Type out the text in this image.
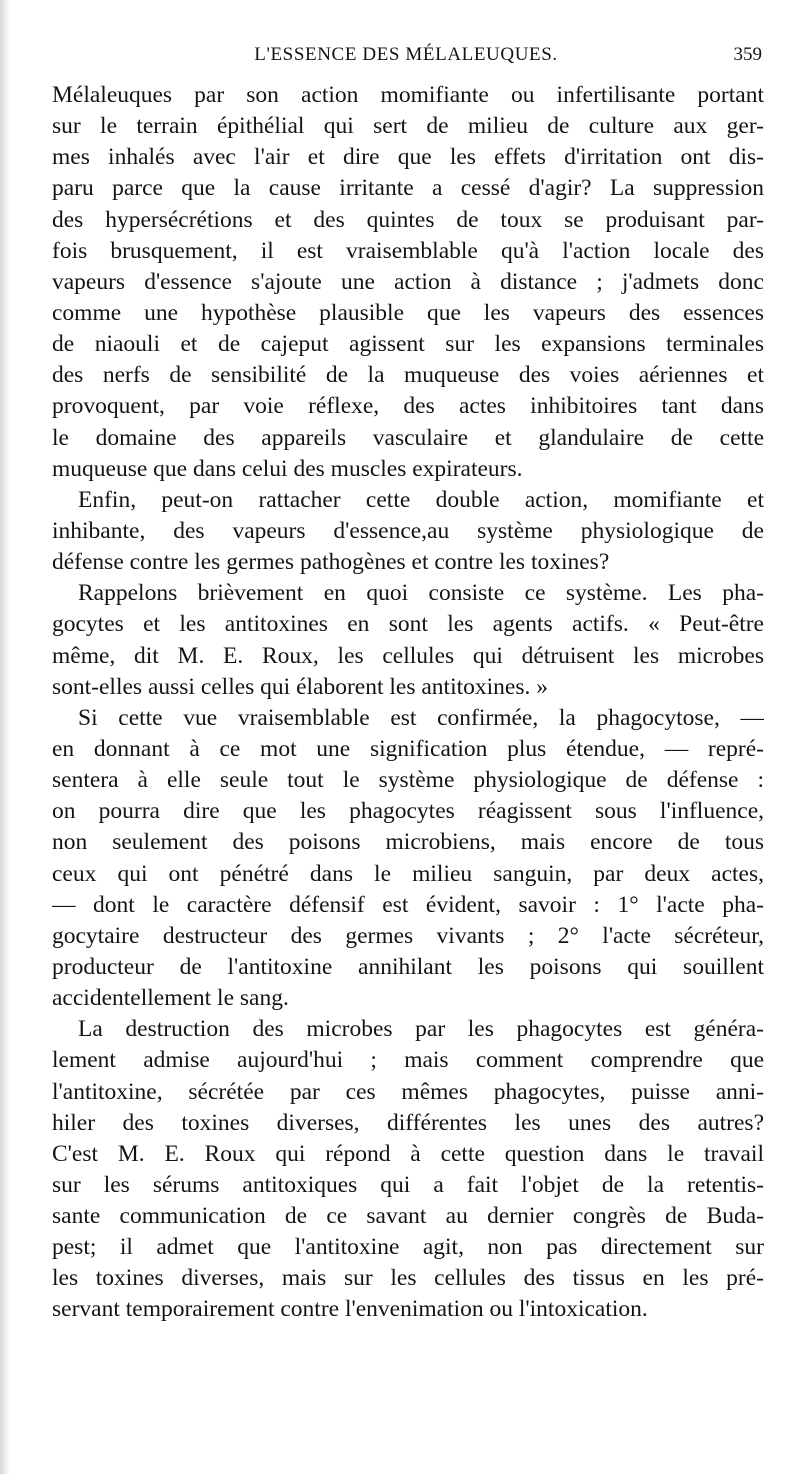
L'ESSENCE DES MÉLALEUQUES.	359
Mélaleuques par son action momifiante ou infertilisante portant
sur le terrain épithélial qui sert de milieu de culture aux ger-
mes inhalés avec l'air et dire que les effets d'irritation ont dis-
paru parce que la cause irritante a cessé d'agir? La suppression
des hypersécrétions et des quintes de toux se produisant par-
fois brusquement, il est vraisemblable qu'à l'action locale des
vapeurs d'essence s'ajoute une action à distance ; j'admets donc
comme une hypothèse plausible que les vapeurs des essences
de niaouli et de cajeput agissent sur les expansions terminales
des nerfs de sensibilité de la muqueuse des voies aériennes et
provoquent, par voie réflexe, des actes inhibitoires tant dans
le domaine des appareils vasculaire et glandulaire de cette
muqueuse que dans celui des muscles expirateurs.
Enfin, peut-on rattacher cette double action, momifiante et
inhibante, des vapeurs d'essence,au système physiologique de
défense contre les germes pathogènes et contre les toxines?
Rappelons brièvement en quoi consiste ce système. Les pha-
gocytes et les antitoxines en sont les agents actifs. « Peut-être
même, dit M. E. Roux, les cellules qui détruisent les microbes
sont-elles aussi celles qui élaborent les antitoxines. »
Si cette vue vraisemblable est confirmée, la phagocytose, —
en donnant à ce mot une signification plus étendue, — repré-
sentera à elle seule tout le système physiologique de défense :
on pourra dire que les phagocytes réagissent sous l'influence,
non seulement des poisons microbiens, mais encore de tous
ceux qui ont pénétré dans le milieu sanguin, par deux actes,
— dont le caractère défensif est évident, savoir : 1° l'acte pha-
gocytaire destructeur des germes vivants ; 2° l'acte sécréteur,
producteur de l'antitoxine annihilant les poisons qui souillent
accidentellement le sang.
La destruction des microbes par les phagocytes est généra-
lement admise aujourd'hui ; mais comment comprendre que
l'antitoxine, sécrétée par ces mêmes phagocytes, puisse anni-
hiler des toxines diverses, différentes les unes des autres?
C'est M. E. Roux qui répond à cette question dans le travail
sur les sérums antitoxiques qui a fait l'objet de la retentis-
sante communication de ce savant au dernier congrès de Buda-
pest; il admet que l'antitoxine agit, non pas directement sur
les toxines diverses, mais sur les cellules des tissus en les pré-
servant temporairement contre l'envenimation ou l'intoxication.
